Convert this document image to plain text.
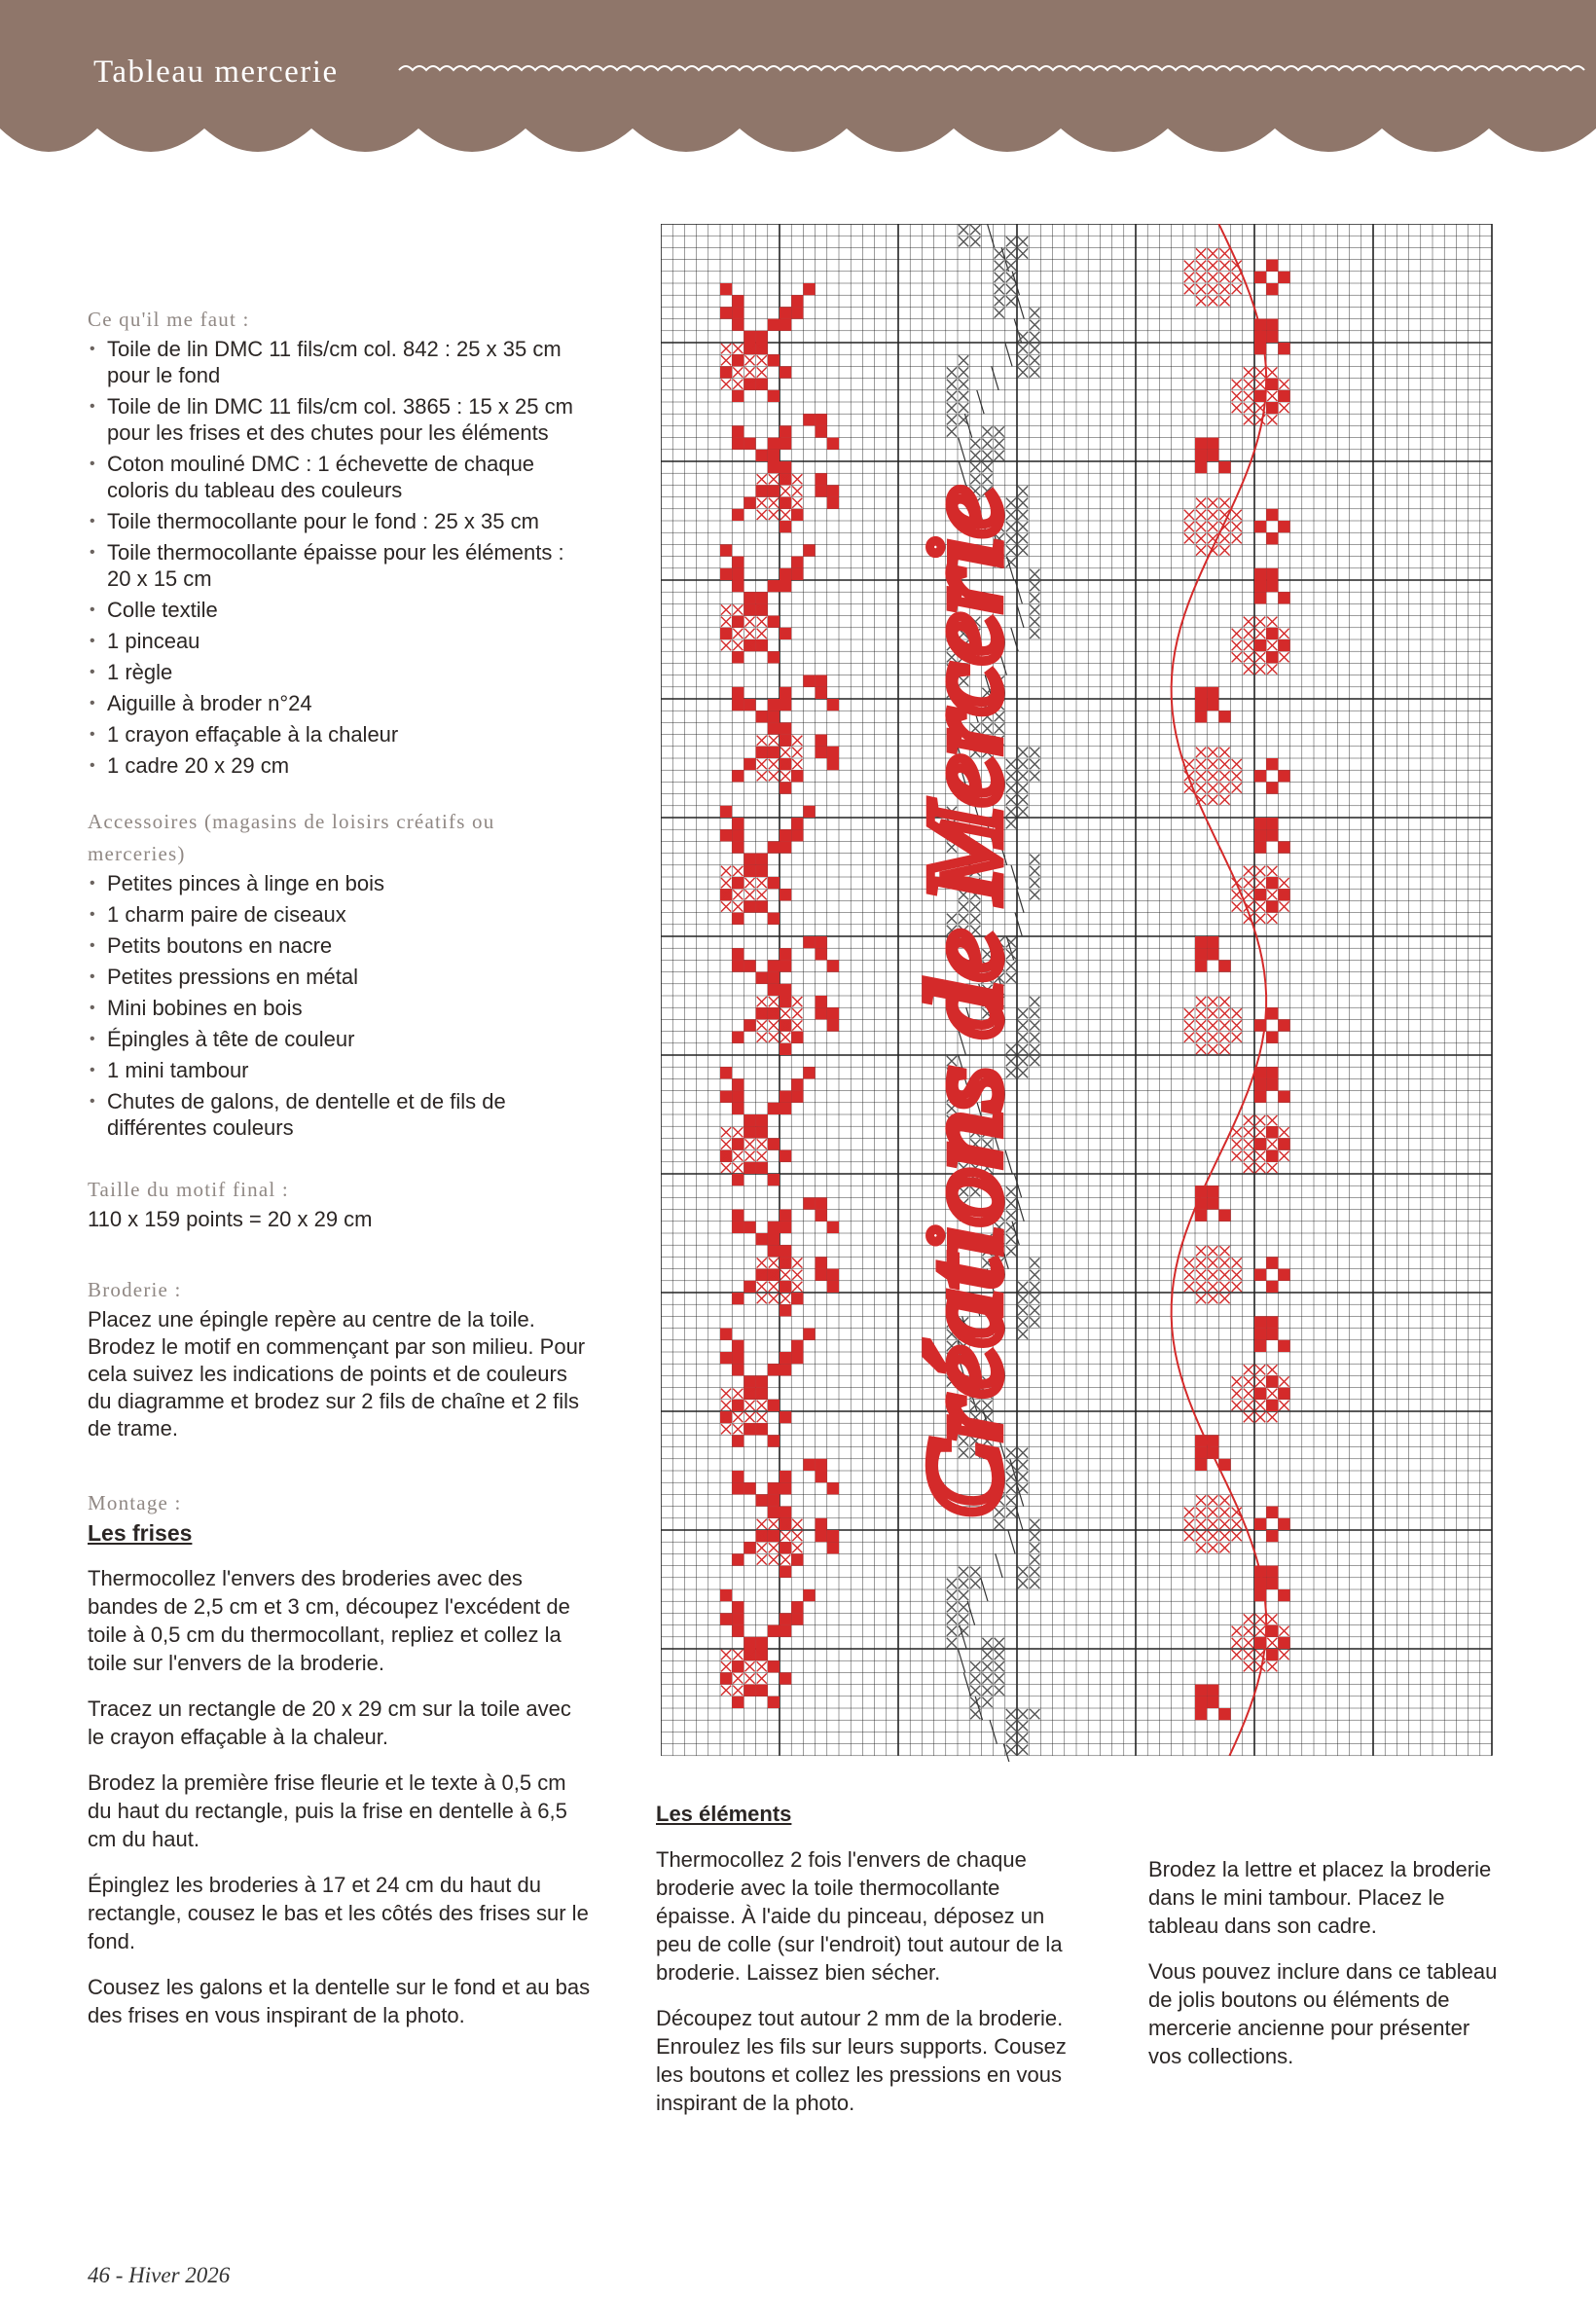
Tableau mercerie

Ce qu'il me faut :

• Toile de lin DMC 11 fils/cm col. 842 : 25 x 35 cm pour le fond
• Toile de lin DMC 11 fils/cm col. 3865 : 15 x 25 cm pour les frises et des chutes pour les éléments
• Coton mouliné DMC : 1 échevette de chaque coloris du tableau des couleurs
• Toile thermocollante pour le fond : 25 x 35 cm
• Toile thermocollante épaisse pour les éléments : 20 x 15 cm
• Colle textile
• 1 pinceau
• 1 règle
• Aiguille à broder n°24
• 1 crayon effaçable à la chaleur
• 1 cadre 20 x 29 cm

Accessoires (magasins de loisirs créatifs ou merceries)

• Petites pinces à linge en bois
• 1 charm paire de ciseaux
• Petits boutons en nacre
• Petites pressions en métal
• Mini bobines en bois
• Épingles à tête de couleur
• 1 mini tambour
• Chutes de galons, de dentelle et de fils de différentes couleurs

Taille du motif final :

110 x 159 points = 20 x 29 cm

Broderie :

Placez une épingle repère au centre de la toile. Brodez le motif en commençant par son milieu. Pour cela suivez les indications de points et de couleurs du diagramme et brodez sur 2 fils de chaîne et 2 fils de trame.

Montage :

Les frises

Thermocollez l'envers des broderies avec des bandes de 2,5 cm et 3 cm, découpez l'excédent de toile à 0,5 cm du thermocollant, repliez et collez la toile sur l'envers de la broderie.

Tracez un rectangle de 20 x 29 cm sur la toile avec le crayon effaçable à la chaleur.

Brodez la première frise fleurie et le texte à 0,5 cm du haut du rectangle, puis la frise en dentelle à 6,5 cm du haut.

Épinglez les broderies à 17 et 24 cm du haut du rectangle, cousez le bas et les côtés des frises sur le fond.

Cousez les galons et la dentelle sur le fond et au bas des frises en vous inspirant de la photo.

Créations de Mercerie

Les éléments

Thermocollez 2 fois l'envers de chaque broderie avec la toile thermocollante épaisse. À l'aide du pinceau, déposez un peu de colle (sur l'endroit) tout autour de la broderie. Laissez bien sécher.

Découpez tout autour 2 mm de la broderie. Enroulez les fils sur leurs supports. Cousez les boutons et collez les pressions en vous inspirant de la photo.

Brodez la lettre et placez la broderie dans le mini tambour. Placez le tableau dans son cadre.

Vous pouvez inclure dans ce tableau de jolis boutons ou éléments de mercerie ancienne pour présenter vos collections.

46 - Hiver 2026
